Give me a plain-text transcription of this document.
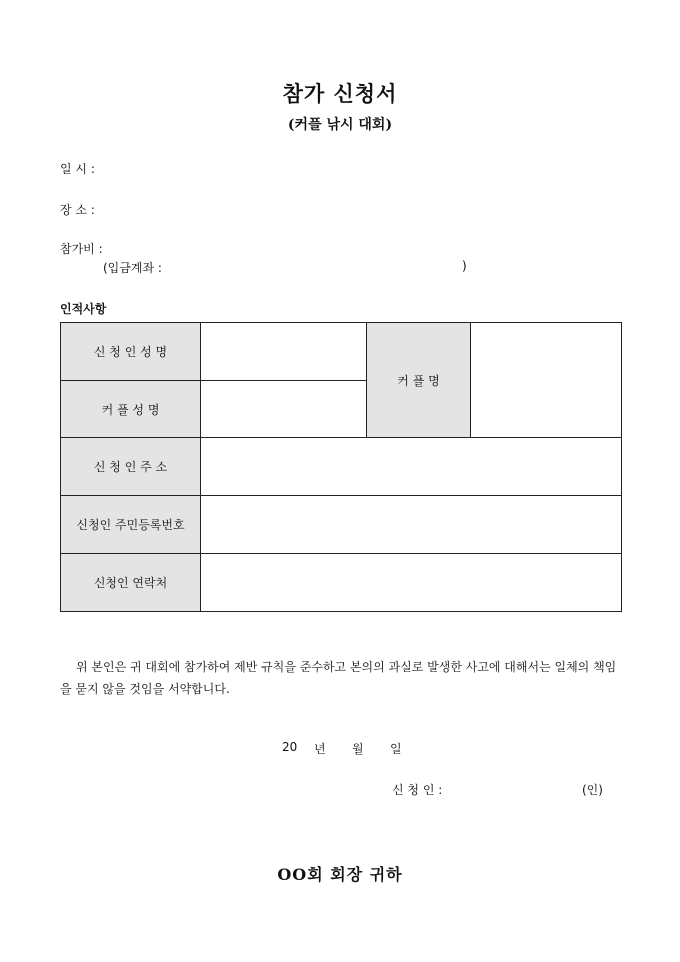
참가 신청서
(커플 낚시 대회)
일 시 :
장 소 :
참가비 :
(입금계좌 :	)
인적사항
신 청 인 성 명		커 플 명	
커 플 성 명			
신 청 인 주 소			
신청인 주민등록번호			
신청인 연락처			
위 본인은 귀 대회에 참가하여 제반 규칙을 준수하고 본의의 과실로 발생한 사고에 대해서는 일체의 책임을 묻지 않을 것임을 서약합니다.
20 년 월 일
신 청 인 :	(인)
OO회 회장 귀하
